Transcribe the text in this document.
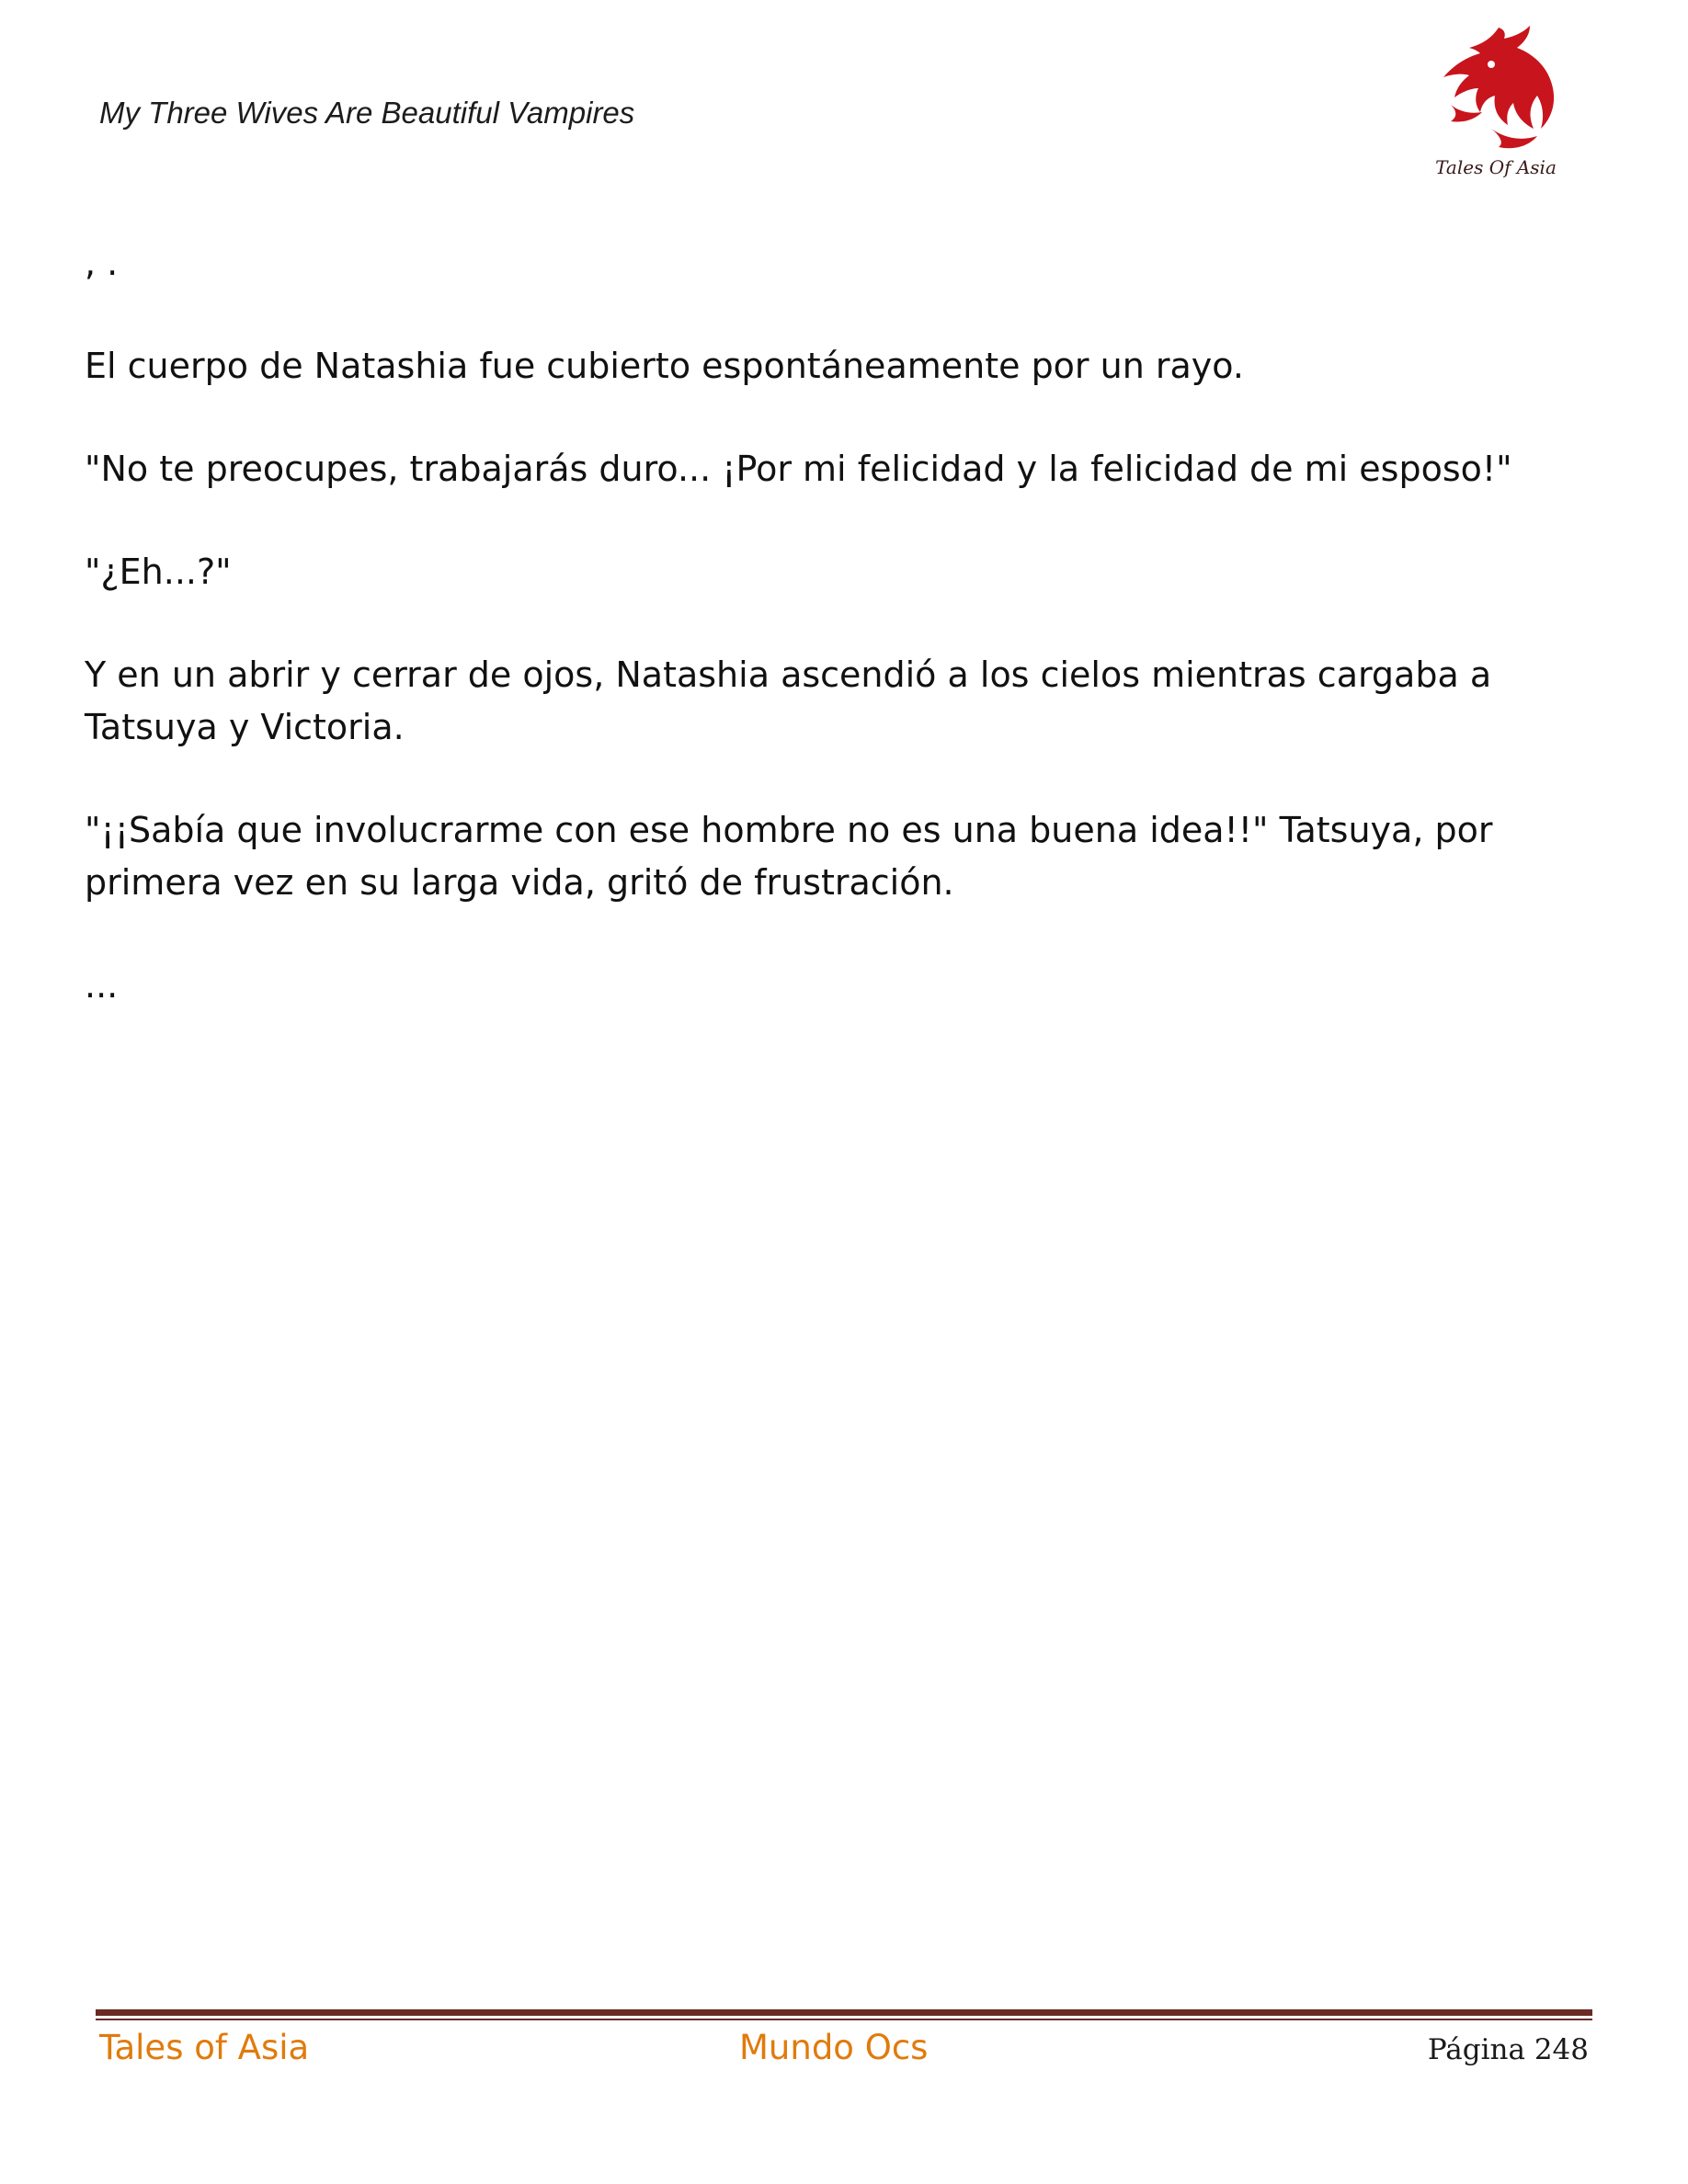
My Three Wives Are Beautiful Vampires
Tales Of Asia

, .

El cuerpo de Natashia fue cubierto espontáneamente por un rayo.

"No te preocupes, trabajarás duro... ¡Por mi felicidad y la felicidad de mi esposo!"

"¿Eh...?"

Y en un abrir y cerrar de ojos, Natashia ascendió a los cielos mientras cargaba a Tatsuya y Victoria.

"¡¡Sabía que involucrarme con ese hombre no es una buena idea!!" Tatsuya, por primera vez en su larga vida, gritó de frustración.

...

Tales of Asia	Mundo Ocs	Página 248
